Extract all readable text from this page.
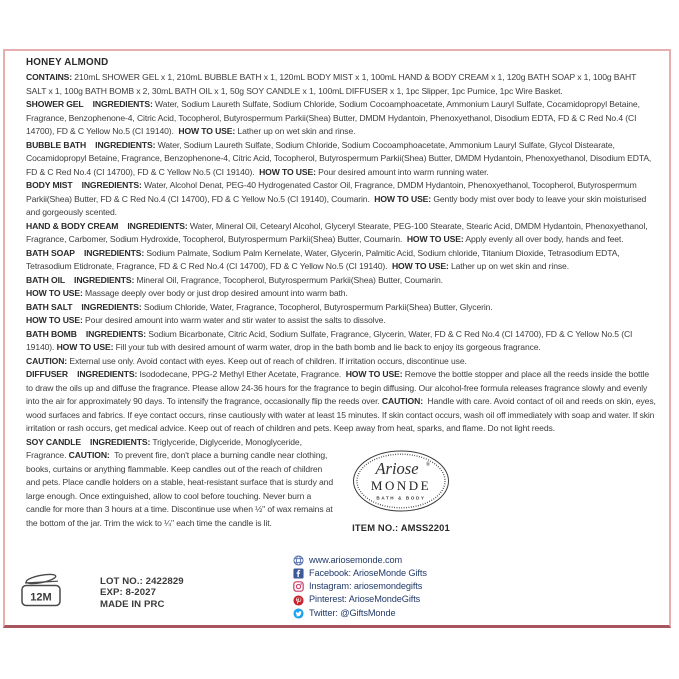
HONEY ALMOND
CONTAINS: 210mL SHOWER GEL x 1, 210mL BUBBLE BATH x 1, 120mL BODY MIST x 1, 100mL HAND & BODY CREAM x 1, 120g BATH SOAP x 1, 100g BAHT SALT x 1, 100g BATH BOMB x 2, 30mL BATH OIL x 1, 50g SOY CANDLE x 1, 100mL DIFFUSER x 1, 1pc Slipper, 1pc Pumice, 1pc Wire Basket.
SHOWER GEL    INGREDIENTS: Water, Sodium Laureth Sulfate, Sodium Chloride, Sodium Cocoamphoacetate, Ammonium Lauryl Sulfate, Cocamidopropyl Betaine, Fragrance, Benzophenone-4, Citric Acid, Tocopherol, Butyrospermum Parkii(Shea) Butter, DMDM Hydantoin, Phenoxyethanol, Disodium EDTA, FD & C Red No.4 (CI 14700), FD & C Yellow No.5 (CI 19140).  HOW TO USE: Lather up on wet skin and rinse.
BUBBLE BATH    INGREDIENTS: Water, Sodium Laureth Sulfate, Sodium Chloride, Sodium Cocoamphoacetate, Ammonium Lauryl Sulfate, Glycol Distearate, Cocamidopropyl Betaine, Fragrance, Benzophenone-4, Citric Acid, Tocopherol, Butyrospermum Parkii(Shea) Butter, DMDM Hydantoin, Phenoxyethanol, Disodium EDTA, FD & C Red No.4 (CI 14700), FD & C Yellow No.5 (CI 19140).  HOW TO USE: Pour desired amount into warm running water.
BODY MIST    INGREDIENTS: Water, Alcohol Denat, PEG-40 Hydrogenated Castor Oil, Fragrance, DMDM Hydantoin, Phenoxyethanol, Tocopherol, Butyrospermum Parkii(Shea) Butter, FD & C Red No.4 (CI 14700), FD & C Yellow No.5 (CI 19140), Coumarin.  HOW TO USE: Gently body mist over body to leave your skin moisturised and gorgeously scented.
HAND & BODY CREAM    INGREDIENTS: Water, Mineral Oil, Cetearyl Alcohol, Glyceryl Stearate, PEG-100 Stearate, Stearic Acid, DMDM Hydantoin, Phenoxyethanol, Fragrance, Carbomer, Sodium Hydroxide, Tocopherol, Butyrospermum Parkii(Shea) Butter, Coumarin.  HOW TO USE: Apply evenly all over body, hands and feet.
BATH SOAP    INGREDIENTS: Sodium Palmate, Sodium Palm Kernelate, Water, Glycerin, Palmitic Acid, Sodium chloride, Titanium Dioxide, Tetrasodium EDTA, Tetrasodium Etidronate, Fragrance, FD & C Red No.4 (CI 14700), FD & C Yellow No.5 (CI 19140).  HOW TO USE: Lather up on wet skin and rinse.
BATH OIL    INGREDIENTS: Mineral Oil, Fragrance, Tocopherol, Butyrospermum Parkii(Shea) Butter, Coumarin.
HOW TO USE: Massage deeply over body or just drop desired amount into warm bath.
BATH SALT    INGREDIENTS: Sodium Chloride, Water, Fragrance, Tocopherol, Butyrospermum Parkii(Shea) Butter, Glycerin.
HOW TO USE: Pour desired amount into warm water and stir water to assist the salts to dissolve.
BATH BOMB    INGREDIENTS: Sodium Bicarbonate, Citric Acid, Sodium Sulfate, Fragrance, Glycerin, Water, FD & C Red No.4 (CI 14700), FD & C Yellow No.5 (CI 19140). HOW TO USE: Fill your tub with desired amount of warm water, drop in the bath bomb and lie back to enjoy its gorgeous fragrance.
CAUTION: External use only. Avoid contact with eyes. Keep out of reach of children. If irritation occurs, discontinue use.
DIFFUSER    INGREDIENTS: Isododecane, PPG-2 Methyl Ether Acetate, Fragrance.  HOW TO USE: Remove the bottle stopper and place all the reeds inside the bottle to draw the oils up and diffuse the fragrance. Please allow 24-36 hours for the fragrance to begin diffusing. Our alcohol-free formula releases fragrance slowly and evenly into the air for approximately 90 days. To intensify the fragrance, occasionally flip the reeds over. CAUTION:  Handle with care. Avoid contact of oil and reeds on skin, eyes, wood surfaces and fabrics. If eye contact occurs, rinse cautiously with water at least 15 minutes. If skin contact occurs, wash oil off immediately with soap and water. If skin irritation or rash occurs, get medical advice. Keep out of reach of children and pets. Keep away from heat, sparks, and flame. Do not light reeds.
SOY CANDLE    INGREDIENTS: Triglyceride, Diglyceride, Monoglyceride, Fragrance. CAUTION:  To prevent fire, don't place a burning candle near clothing, books, curtains or anything flammable. Keep candles out of the reach of children and pets. Place candle holders on a stable, heat-resistant surface that is sturdy and large enough. Once extinguished, allow to cool before touching. Never burn a candle for more than 3 hours at a time. Discontinue use when ½" of wax remains at the bottom of the jar. Trim the wick to ¼" each time the candle is lit.
Ariose ®
MONDE
BATH & BODY
ITEM NO.: AMSS2201
12M
LOT NO.: 2422829
EXP: 8-2027
MADE IN PRC
www.ariosemonde.com
Facebook: ArioseMonde Gifts
Instagram: ariosemondegifts
Pinterest: ArioseMondeGifts
Twitter: @GiftsMonde
